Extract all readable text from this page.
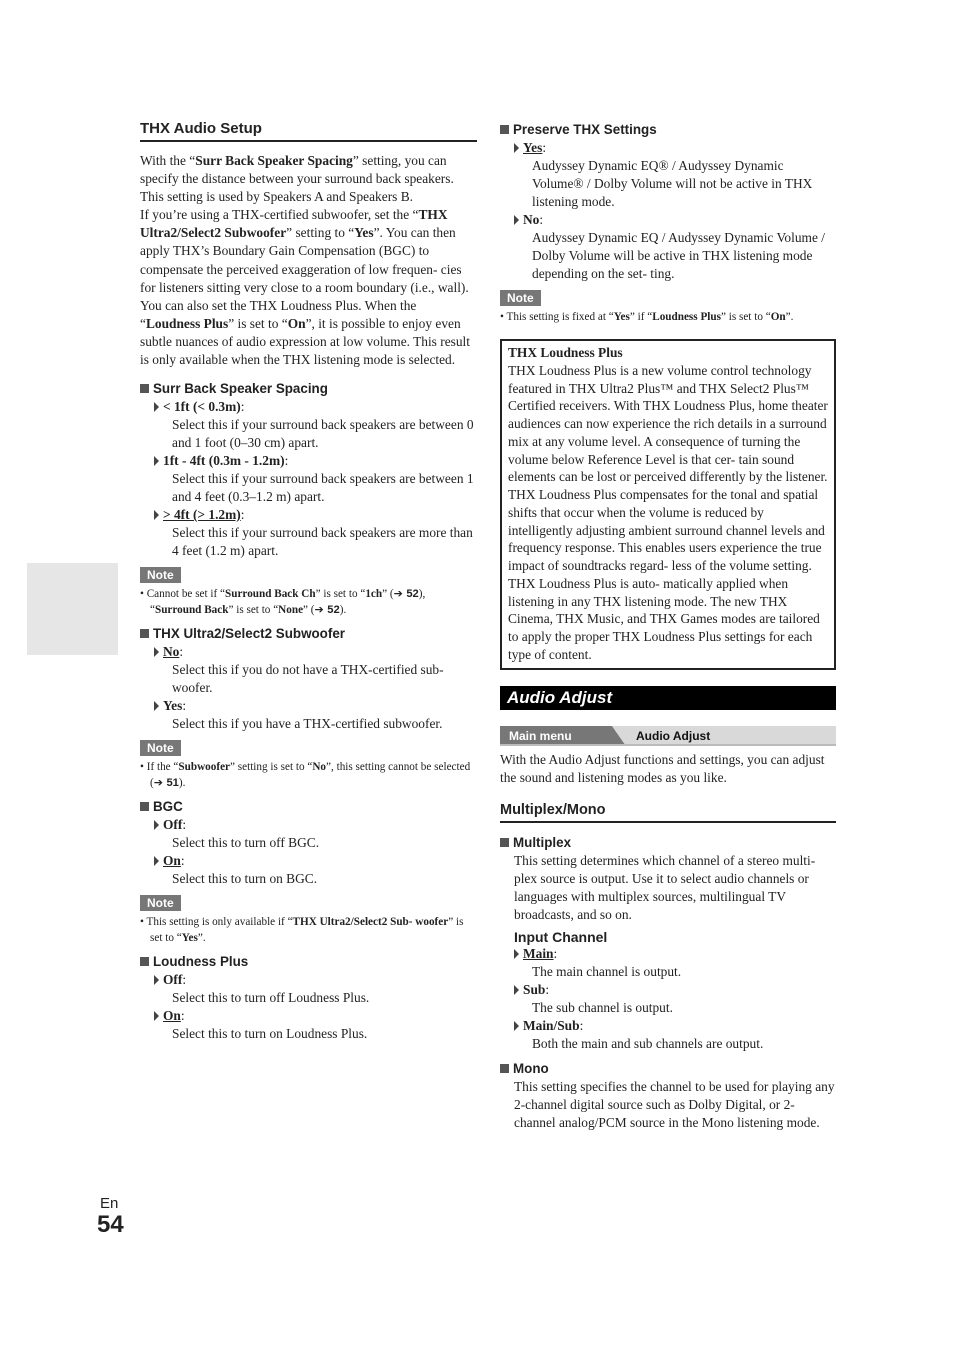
En
54
THX Audio Setup

With the “Surr Back Speaker Spacing” setting, you can specify the distance between your surround back speakers. This setting is used by Speakers A and Speakers B.

If you’re using a THX-certified subwoofer, set the “THX Ultra2/Select2 Subwoofer” setting to “Yes”. You can then apply THX’s Boundary Gain Compensation (BGC) to compensate the perceived exaggeration of low frequen- cies for listeners sitting very close to a room boundary (i.e., wall).

You can also set the THX Loudness Plus. When the “Loudness Plus” is set to “On”, it is possible to enjoy even subtle nuances of audio expression at low volume. This result is only available when the THX listening mode is selected.

Surr Back Speaker Spacing
< 1ft (< 0.3m) :
Select this if your surround back speakers are between 0 and 1 foot (0–30 cm) apart.
1ft - 4ft (0.3m - 1.2m) :
Select this if your surround back speakers are between 1 and 4 feet (0.3–1.2 m) apart.
> 4ft (> 1.2m) :
Select this if your surround back speakers are more than 4 feet (1.2 m) apart.
Note
• Cannot be set if “Surround Back Ch” is set to “1ch” (➔ 52), “Surround Back” is set to “None” (➔ 52).
THX Ultra2/Select2 Subwoofer
No :
Select this if you do not have a THX-certified sub- woofer.
Yes :
Select this if you have a THX-certified subwoofer.
Note
• If the “Subwoofer” setting is set to “No”, this setting cannot be selected (➔ 51).
BGC
Off :
Select this to turn off BGC.
On :
Select this to turn on BGC.
Note
• This setting is only available if “THX Ultra2/Select2 Sub- woofer” is set to “Yes”.
Loudness Plus
Off :
Select this to turn off Loudness Plus.
On :
Select this to turn on Loudness Plus.
Preserve THX Settings
Yes :
Audyssey Dynamic EQ® / Audyssey Dynamic Volume® / Dolby Volume will not be active in THX listening mode.
No :
Audyssey Dynamic EQ / Audyssey Dynamic Volume / Dolby Volume will be active in THX listening mode depending on the set- ting.
Note
• This setting is fixed at “Yes” if “Loudness Plus” is set to “On”.
THX Loudness Plus
THX Loudness Plus is a new volume control technology featured in THX Ultra2 Plus™ and THX Select2 Plus™ Certified receivers. With THX Loudness Plus, home theater audiences can now experience the rich details in a surround mix at any volume level. A consequence of turning the volume below Reference Level is that cer- tain sound elements can be lost or perceived differently by the listener. THX Loudness Plus compensates for the tonal and spatial shifts that occur when the volume is reduced by intelligently adjusting ambient surround channel levels and frequency response. This enables users experience the true impact of soundtracks regard- less of the volume setting. THX Loudness Plus is auto- matically applied when listening in any THX listening mode. The new THX Cinema, THX Music, and THX Games modes are tailored to apply the proper THX Loudness Plus settings for each type of content.
Audio Adjust
Main menu	Audio Adjust

With the Audio Adjust functions and settings, you can adjust the sound and listening modes as you like.

Multiplex/Mono
Multiplex

This setting determines which channel of a stereo multi- plex source is output. Use it to select audio channels or languages with multiplex sources, multilingual TV broadcasts, and so on.

Input Channel
Main :
The main channel is output.
Sub :
The sub channel is output.
Main/Sub :
Both the main and sub channels are output.
Mono

This setting specifies the channel to be used for playing any 2-channel digital source such as Dolby Digital, or 2-channel analog/PCM source in the Mono listening mode.
